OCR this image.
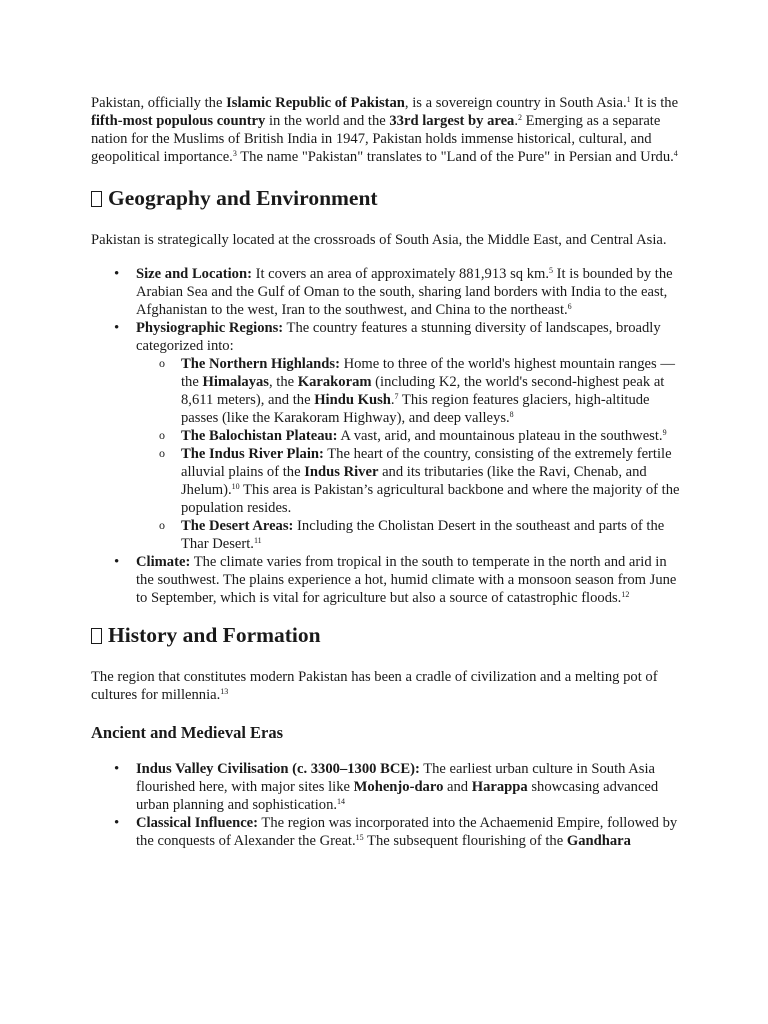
Pakistan, officially the Islamic Republic of Pakistan, is a sovereign country in South Asia.$^1$ It is the fifth-most populous country in the world and the 33rd largest by area.$^2$ Emerging as a separate nation for the Muslims of British India in 1947, Pakistan holds immense historical, cultural, and geopolitical importance.$^3$ The name "Pakistan" translates to "Land of the Pure" in Persian and Urdu.$^4$

Geography and Environment

Pakistan is strategically located at the crossroads of South Asia, the Middle East, and Central Asia.

• Size and Location: It covers an area of approximately 881,913 sq km.$^5$ It is bounded by the Arabian Sea and the Gulf of Oman to the south, sharing land borders with India to the east, Afghanistan to the west, Iran to the southwest, and China to the northeast.$^6$
• Physiographic Regions: The country features a stunning diversity of landscapes, broadly categorized into:
o The Northern Highlands: Home to three of the world's highest mountain ranges —the Himalayas, the Karakoram (including K2, the world's second-highest peak at 8,611 meters), and the Hindu Kush.$^7$ This region features glaciers, high-altitude passes (like the Karakoram Highway), and deep valleys.$^8$
o The Balochistan Plateau: A vast, arid, and mountainous plateau in the southwest.$^9$
o The Indus River Plain: The heart of the country, consisting of the extremely fertile alluvial plains of the Indus River and its tributaries (like the Ravi, Chenab, and Jhelum).$^{10}$ This area is Pakistan’s agricultural backbone and where the majority of the population resides.
o The Desert Areas: Including the Cholistan Desert in the southeast and parts of the Thar Desert.$^{11}$
• Climate: The climate varies from tropical in the south to temperate in the north and arid in the southwest. The plains experience a hot, humid climate with a monsoon season from June to September, which is vital for agriculture but also a source of catastrophic floods.$^{12}$
History and Formation

The region that constitutes modern Pakistan has been a cradle of civilization and a melting pot of cultures for millennia.$^{13}$

Ancient and Medieval Eras
• Indus Valley Civilisation (c. 3300–1300 BCE): The earliest urban culture in South Asia flourished here, with major sites like Mohenjo-daro and Harappa showcasing advanced urban planning and sophistication.$^{14}$
• Classical Influence: The region was incorporated into the Achaemenid Empire, followed by the conquests of Alexander the Great.$^{15}$ The subsequent flourishing of the Gandhara
